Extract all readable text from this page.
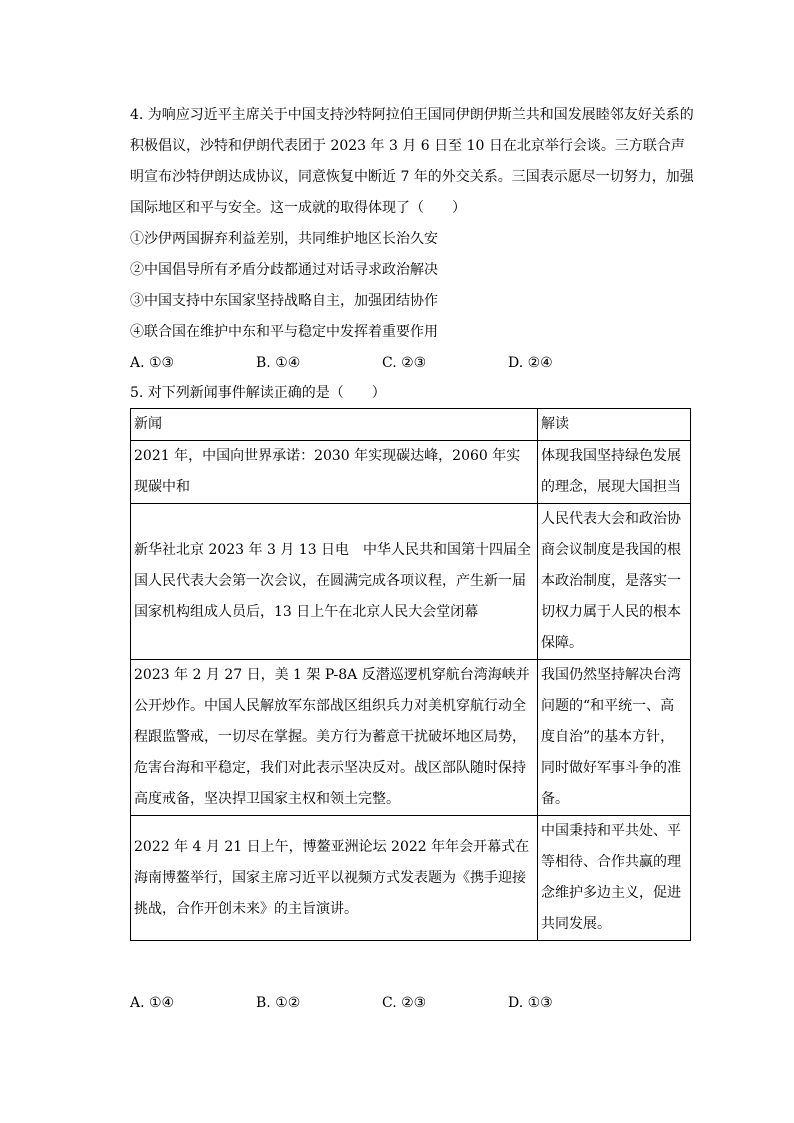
4. 为响应习近平主席关于中国支持沙特阿拉伯王国同伊朗伊斯兰共和国发展睦邻友好关系的积极倡议，沙特和伊朗代表团于 2023 年 3 月 6 日至 10 日在北京举行会谈。三方联合声明宣布沙特伊朗达成协议，同意恢复中断近 7 年的外交关系。三国表示愿尽一切努力，加强国际地区和平与安全。这一成就的取得体现了（　　）

①沙伊两国摒弃利益差别，共同维护地区长治久安

②中国倡导所有矛盾分歧都通过对话寻求政治解决

③中国支持中东国家坚持战略自主，加强团结协作

④联合国在维护中东和平与稳定中发挥着重要作用

A. ①③	B. ①④	C. ②③	D. ②④
5. 对下列新闻事件解读正确的是（　　）
新闻	解读
2021 年，中国向世界承诺：2030 年实现碳达峰，2060 年实现碳中和	体现我国坚持绿色发展的理念，展现大国担当
新华社北京 2023 年 3 月 13 日电　中华人民共和国第十四届全国人民代表大会第一次会议，在圆满完成各项议程，产生新一届国家机构组成人员后，13 日上午在北京人民大会堂闭幕	人民代表大会和政治协商会议制度是我国的根本政治制度，是落实一切权力属于人民的根本保障。
2023 年 2 月 27 日，美 1 架 P-8A 反潜巡逻机穿航台湾海峡并公开炒作。中国人民解放军东部战区组织兵力对美机穿航行动全程跟监警戒，一切尽在掌握。美方行为蓄意干扰破坏地区局势，危害台海和平稳定，我们对此表示坚决反对。战区部队随时保持高度戒备，坚决捍卫国家主权和领土完整。	我国仍然坚持解决台湾问题的“和平统一、高度自治”的基本方针，同时做好军事斗争的准备。
2022 年 4 月 21 日上午，博鳌亚洲论坛 2022 年年会开幕式在海南博鳌举行，国家主席习近平以视频方式发表题为《携手迎接挑战，合作开创未来》的主旨演讲。	中国秉持和平共处、平等相待、合作共赢的理念维护多边主义，促进共同发展。
A. ①④	B. ①②	C. ②③	D. ①③
